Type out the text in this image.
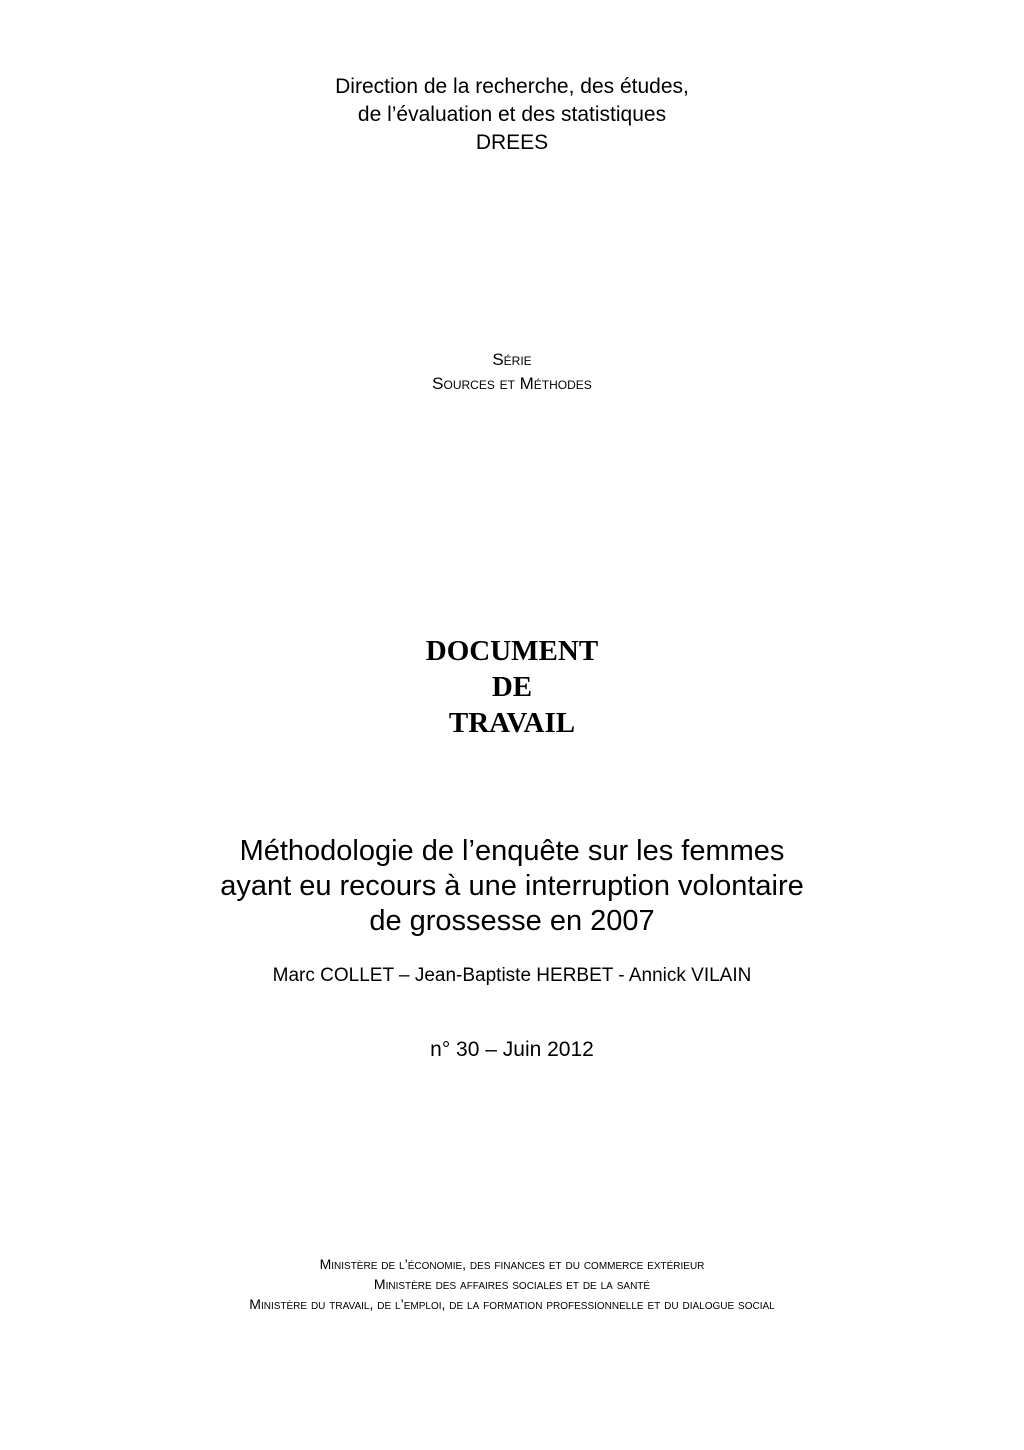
Direction de la recherche, des études,
de l’évaluation et des statistiques
DREES
Série
Sources et Méthodes
DOCUMENT
DE
TRAVAIL
Méthodologie de l’enquête sur les femmes
ayant eu recours à une interruption volontaire
de grossesse en 2007
Marc COLLET – Jean-Baptiste HERBET - Annick VILAIN
n° 30 – Juin 2012
Ministère de l’économie, des finances et du commerce extérieur
Ministère des affaires sociales et de la santé
Ministère du travail, de l’emploi, de la formation professionnelle et du dialogue social
